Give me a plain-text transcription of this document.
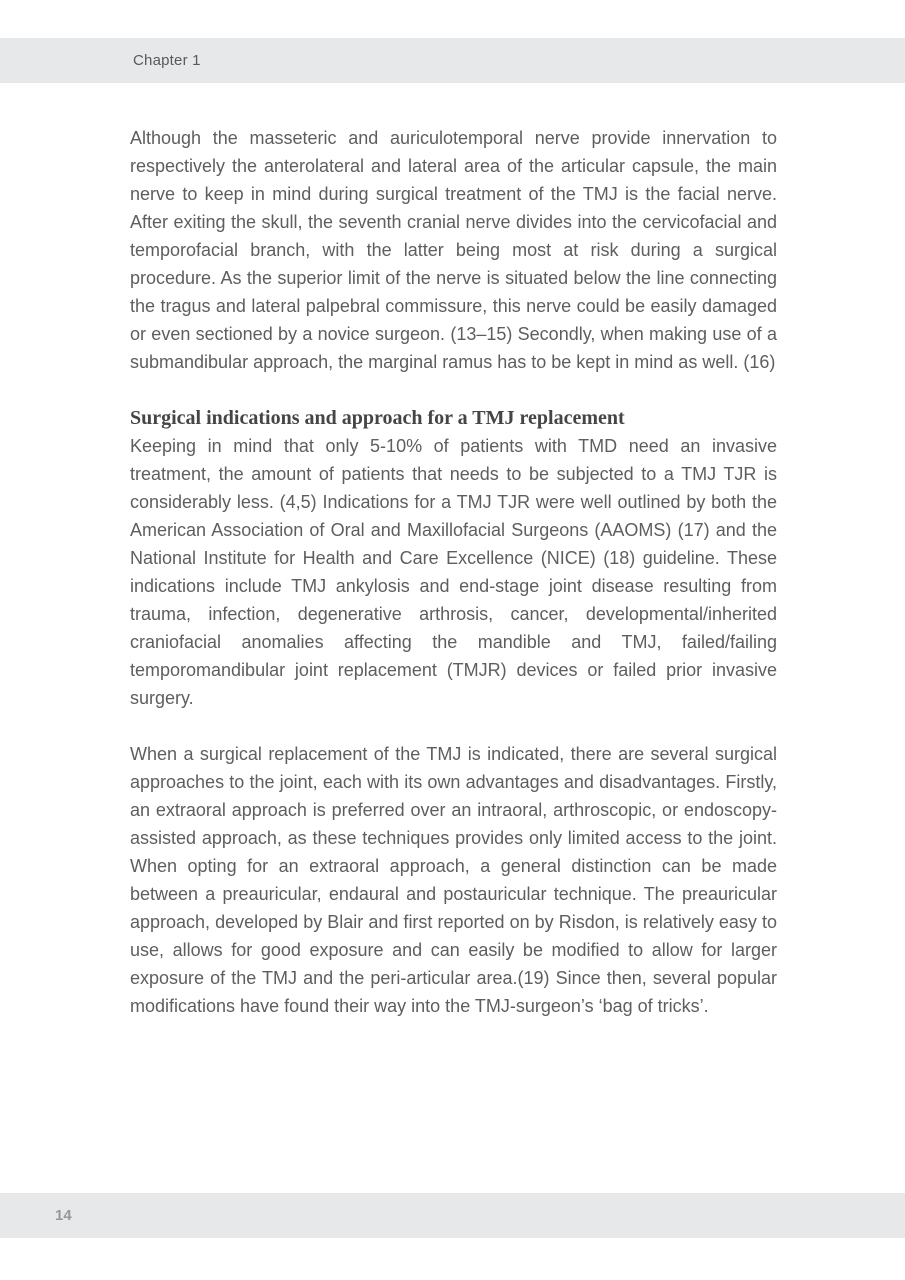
Chapter 1

Although the masseteric and auriculotemporal nerve provide innervation to respectively the anterolateral and lateral area of the articular capsule, the main nerve to keep in mind during surgical treatment of the TMJ is the facial nerve. After exiting the skull, the seventh cranial nerve divides into the cervicofacial and temporofacial branch, with the latter being most at risk during a surgical procedure. As the superior limit of the nerve is situated below the line connecting the tragus and lateral palpebral commissure, this nerve could be easily damaged or even sectioned by a novice surgeon. (13–15) Secondly, when making use of a submandibular approach, the marginal ramus has to be kept in mind as well. (16)

Surgical indications and approach for a TMJ replacement

Keeping in mind that only 5-10% of patients with TMD need an invasive treatment, the amount of patients that needs to be subjected to a TMJ TJR is considerably less. (4,5) Indications for a TMJ TJR were well outlined by both the American Association of Oral and Maxillofacial Surgeons (AAOMS) (17) and the National Institute for Health and Care Excellence (NICE) (18) guideline. These indications include TMJ ankylosis and end-stage joint disease resulting from trauma, infection, degenerative arthrosis, cancer, developmental/inherited craniofacial anomalies affecting the mandible and TMJ, failed/failing temporomandibular joint replacement (TMJR) devices or failed prior invasive surgery.

When a surgical replacement of the TMJ is indicated, there are several surgical approaches to the joint, each with its own advantages and disadvantages. Firstly, an extraoral approach is preferred over an intraoral, arthroscopic, or endoscopy-assisted approach, as these techniques provides only limited access to the joint. When opting for an extraoral approach, a general distinction can be made between a preauricular, endaural and postauricular technique. The preauricular approach, developed by Blair and first reported on by Risdon, is relatively easy to use, allows for good exposure and can easily be modified to allow for larger exposure of the TMJ and the peri-articular area.(19) Since then, several popular modifications have found their way into the TMJ-surgeon’s ‘bag of tricks’.

14
